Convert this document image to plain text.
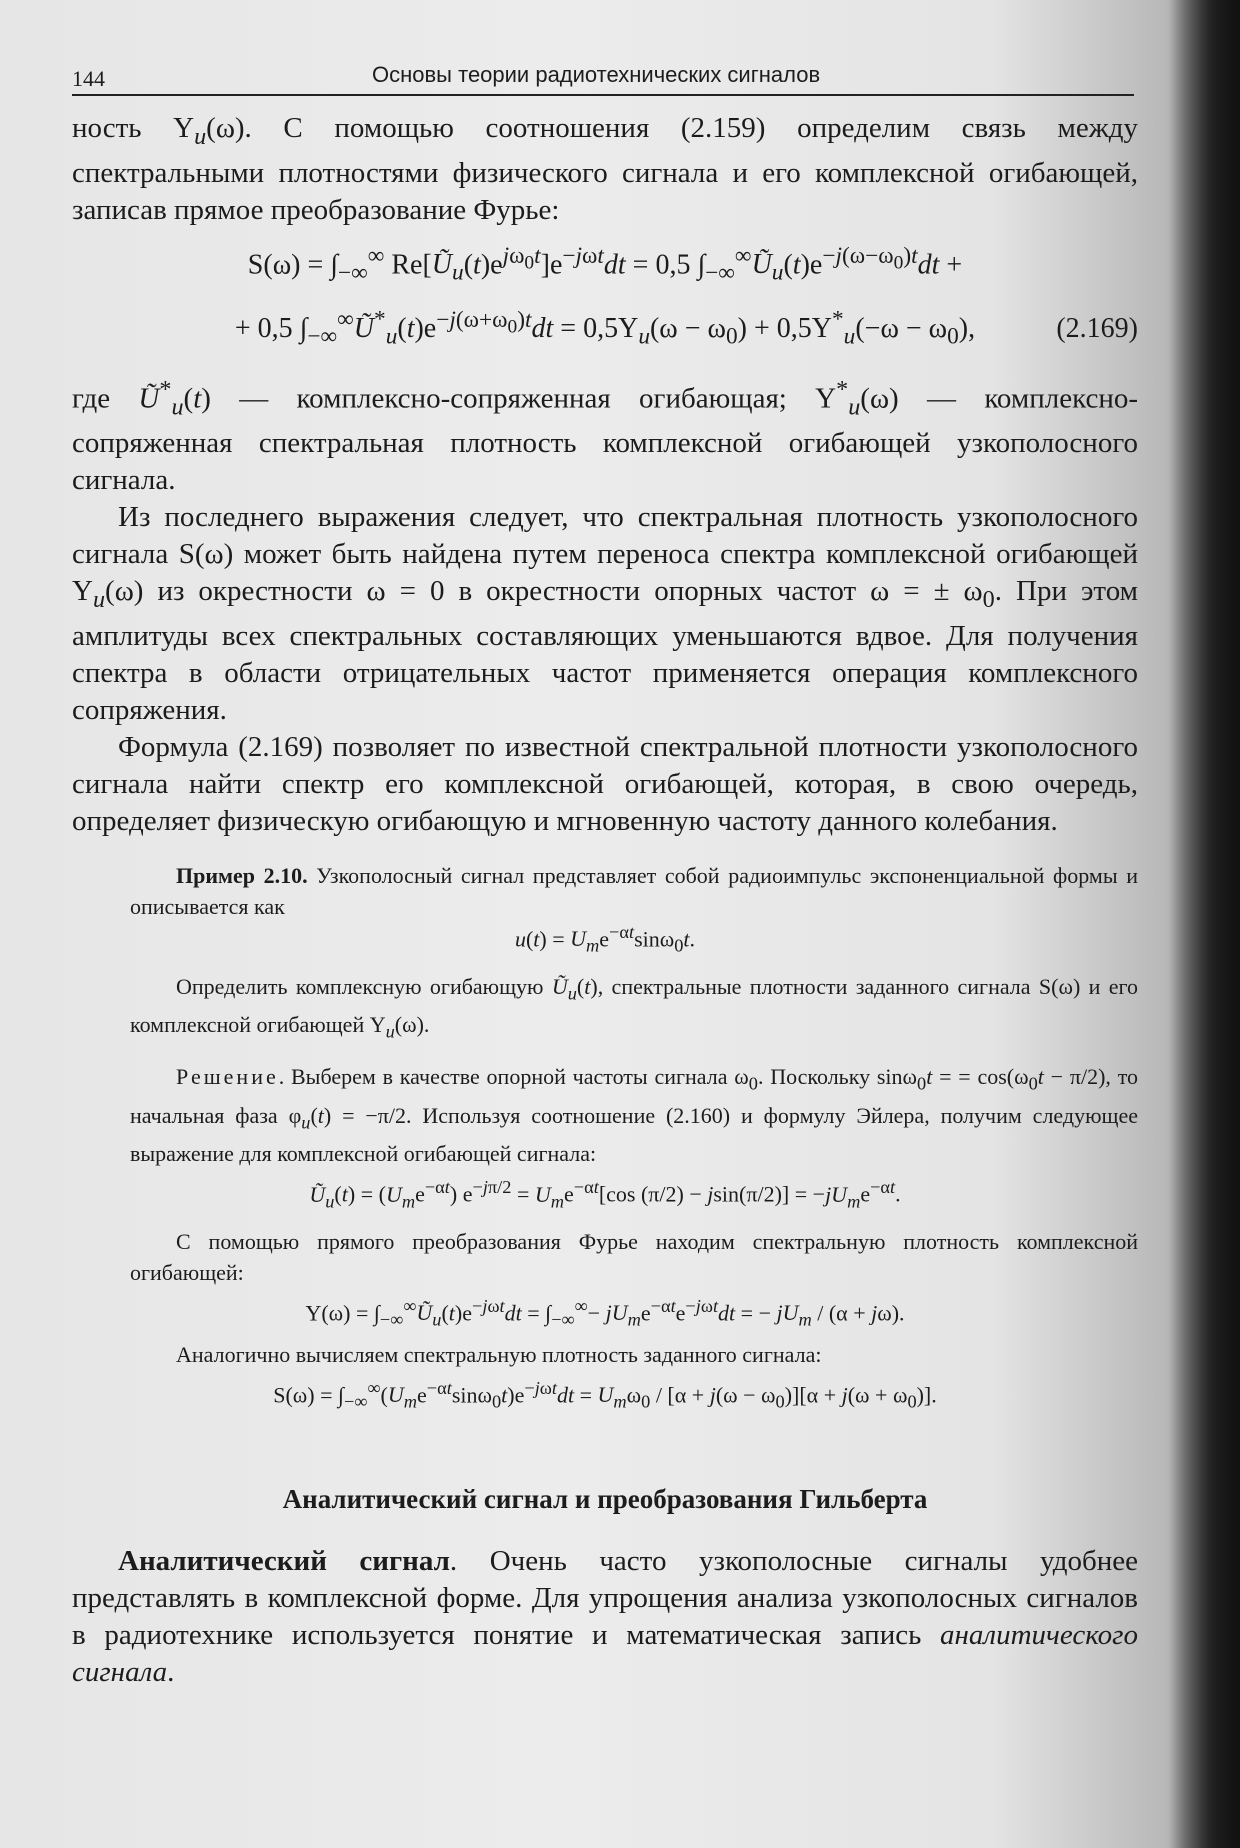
144	Основы теории радиотехнических сигналов

ность $Y_u(\omega)$. С помощью соотношения (2.159) определим связь между спектральными плотностями физического сигнала и его комплексной огибающей, записав прямое преобразование Фурье:

$S(\omega) = \int_{-\infty}^\infty$ $Re[Ũ_u(t)e^{j\omega_0t}]e^{-j\omega t}dt = 0,5$ $\int_{-\infty}^\infty Ũ_u(t)e^{-j(\omega-\omega_0)t}dt$ +
+ 0,5 $\int_{-\infty}^\infty Ũ^*_u(t)e^{-j(\omega+\omega_0)t}dt = 0,5Y_u(\omega - \omega_0) + 0,5Y^*_u(-\omega - \omega_0)$,	(2.169)

где $Ũ^*_u(t)$ — комплексно-сопряженная огибающая; $Y^*_u(\omega)$ — комплексно-сопряженная спектральная плотность комплексной огибающей узкополосного сигнала.

Из последнего выражения следует, что спектральная плотность узкополосного сигнала S(ω) может быть найдена путем переноса спектра комплексной огибающей $Y_u(\omega)$ из окрестности ω = 0 в окрестности опорных частот ω = ± $\omega_0$. При этом амплитуды всех спектральных составляющих уменьшаются вдвое. Для получения спектра в области отрицательных частот применяется операция комплексного сопряжения.

Формула (2.169) позволяет по известной спектральной плотности узкополосного сигнала найти спектр его комплексной огибающей, которая, в свою очередь, определяет физическую огибающую и мгновенную частоту данного колебания.

Пример 2.10. Узкополосный сигнал представляет собой радиоимпульс экспоненциальной формы и описывается как

$u(t) = U_me^{-\alpha t}\sin\omega_0t$.

Определить комплексную огибающую $Ũ_u(t)$, спектральные плотности заданного сигнала S(ω) и его комплексной огибающей $Y_u(\omega)$.

Решение. Выберем в качестве опорной частоты сигнала $\omega_0$. Поскольку sinω$_0$t = = $\cos(\omega_0t - \pi/2)$, то начальная фаза $\varphi_u(t) = -\pi/2$. Используя соотношение (2.160) и формулу Эйлера, получим следующее выражение для комплексной огибающей сигнала:

$Ũ_u(t) = (U_me^{-\alpha t}) e^{-j\pi/2} = U_me^{-\alpha t}[\cos$ $(\pi/2) - jsin(\pi/2)] = -jU_me^{-\alpha t}$.

С помощью прямого преобразования Фурье находим спектральную плотность комплексной огибающей:

$Y(\omega) = \int_{-\infty}^\infty Ũ_u(t)e^{-j\omega t}dt = \int_{-\infty}^\infty- jU_me^{-\alpha t}e^{-j\omega t}dt$ = − $jU_m / (\alpha + j\omega)$.

Аналогично вычисляем спектральную плотность заданного сигнала:

$S(\omega) = \int_{-\infty}^\infty(U_me^{-\alpha t}\sin\omega_0t)e^{-j\omega t}dt = U_m\omega_0 / [\alpha + j(\omega - \omega_0)][\alpha + j(\omega + \omega_0)]$.
Аналитический сигнал и преобразования Гильберта

Аналитический сигнал. Очень часто узкополосные сигналы удобнее представлять в комплексной форме. Для упрощения анализа узкополосных сигналов в радиотехнике используется понятие и математическая запись аналитического сигнала.
